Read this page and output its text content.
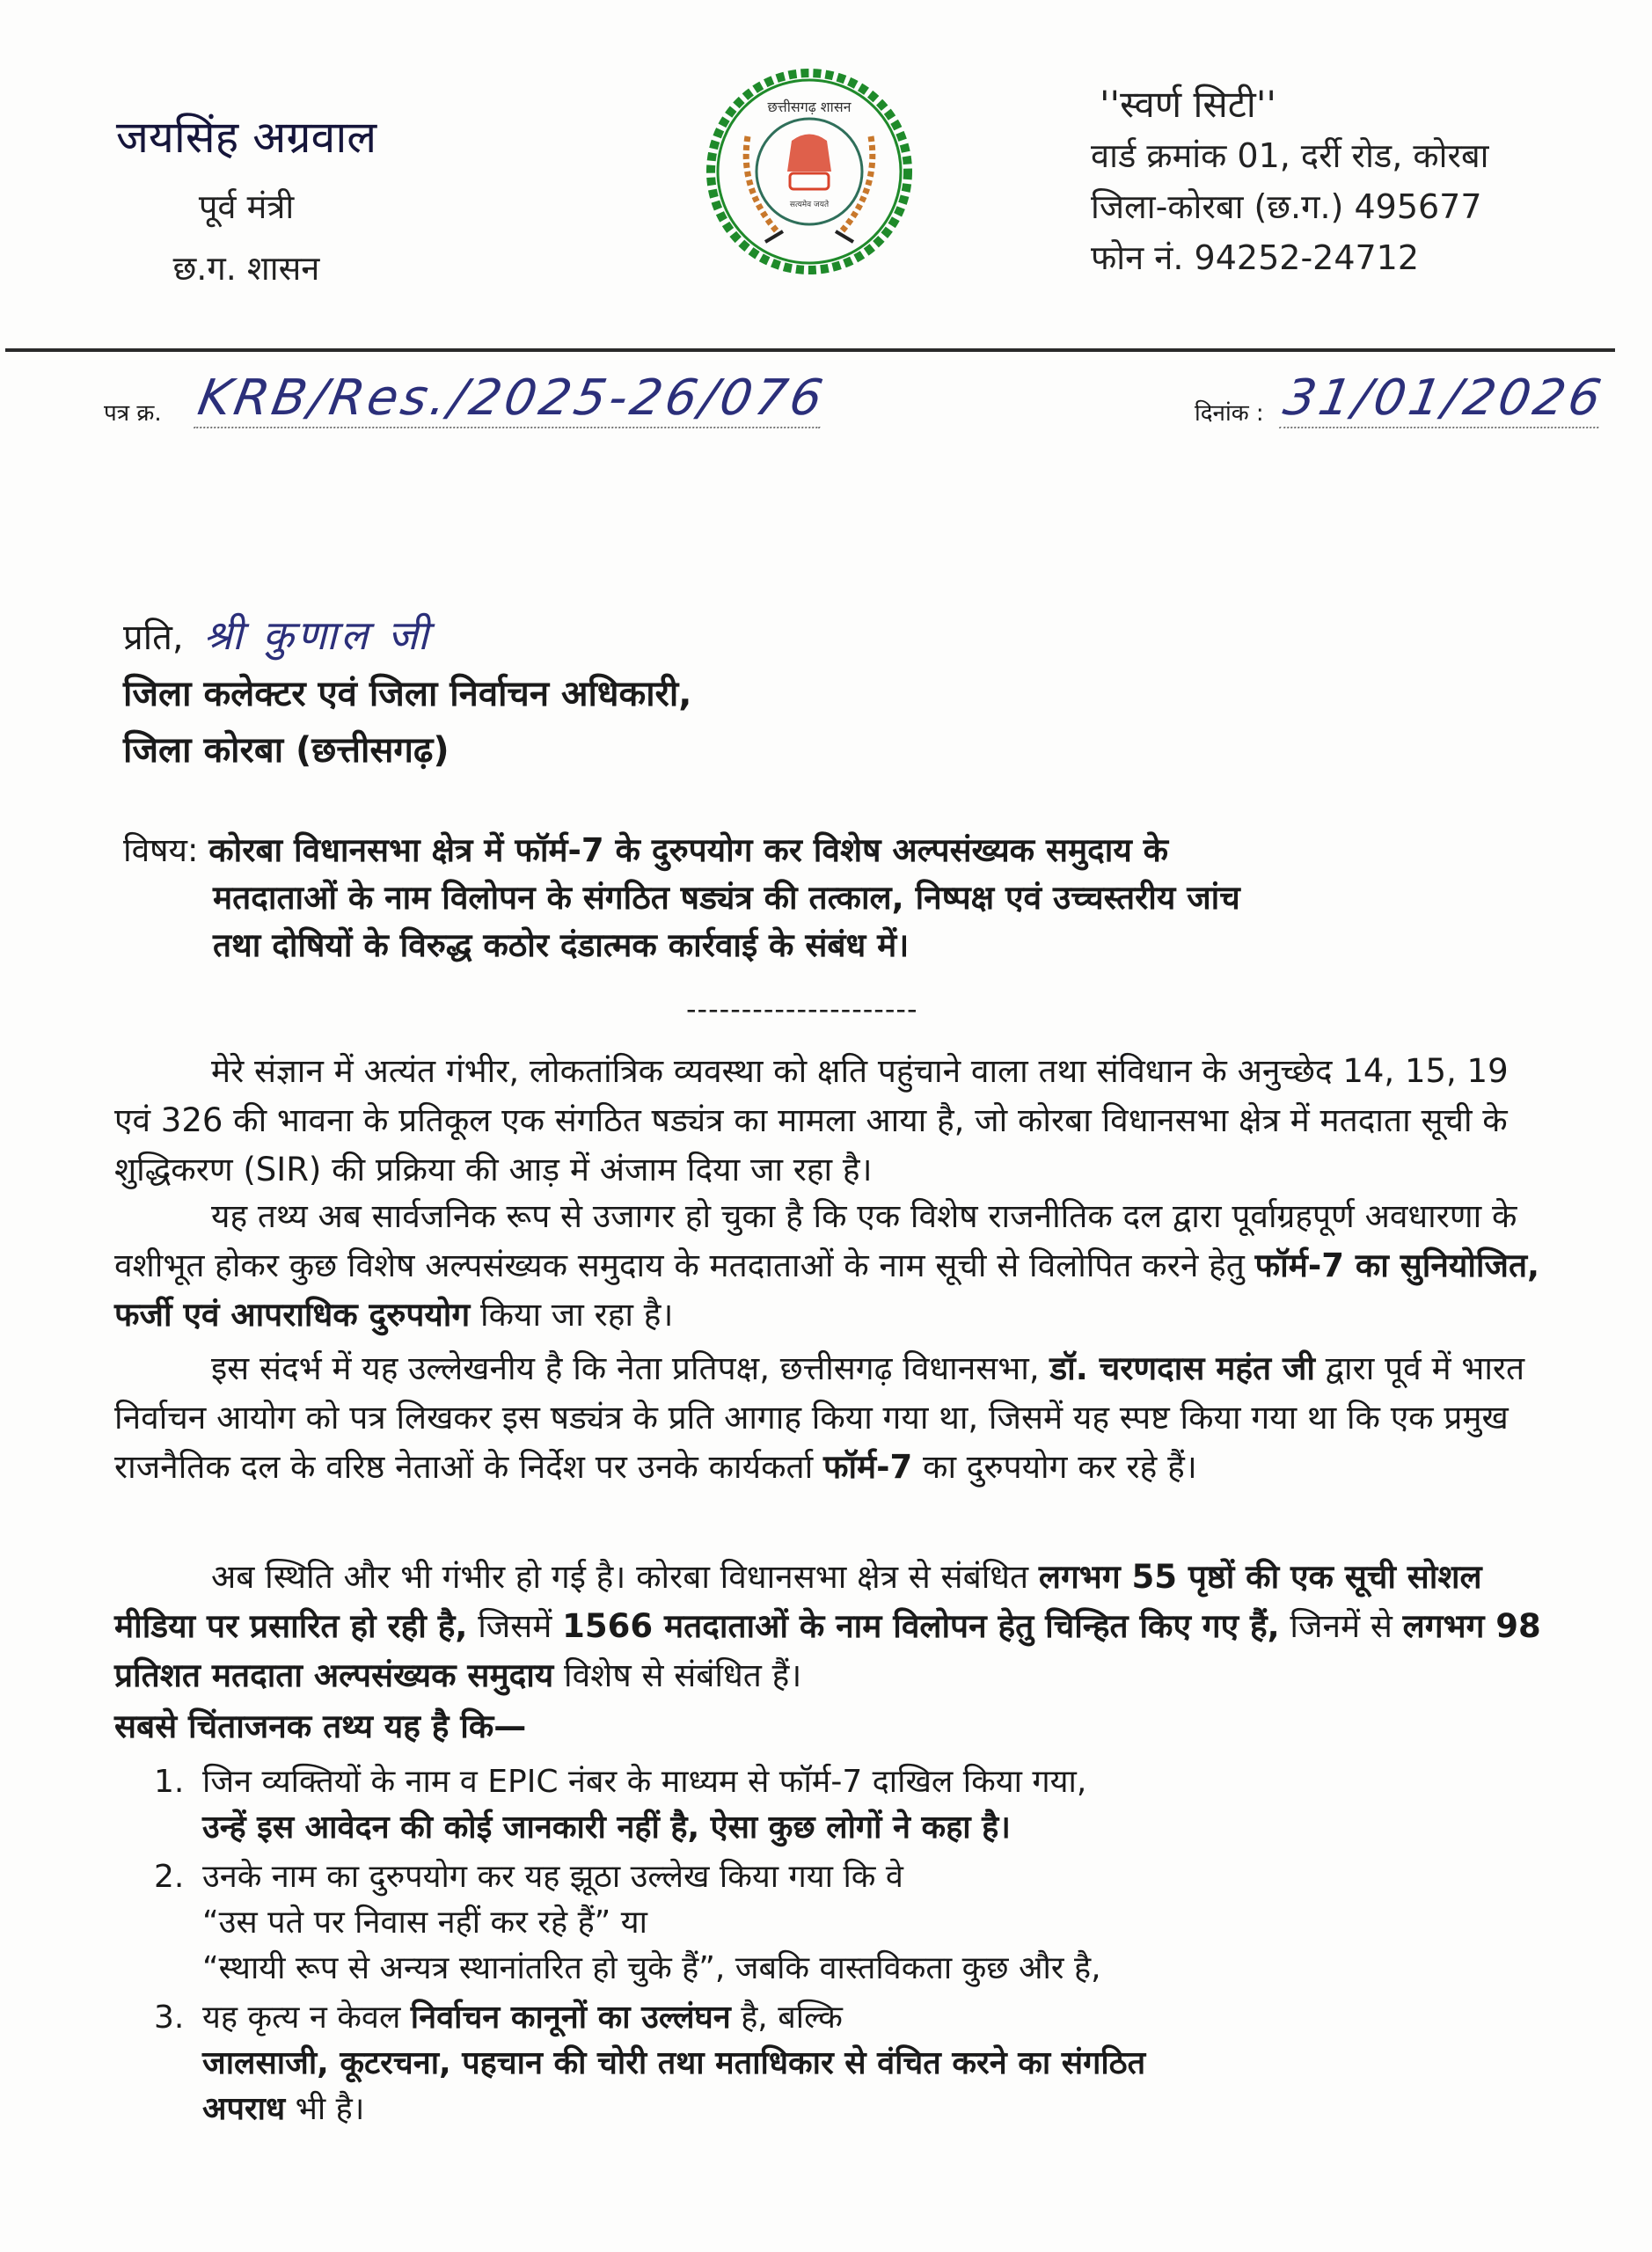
जयसिंह अग्रवाल
पूर्व मंत्री
छ.ग. शासन
छत्तीसगढ़ शासन
सत्यमेव जयते
''स्वर्ण सिटी''
वार्ड क्रमांक 01, दर्री रोड, कोरबा
जिला-कोरबा (छ.ग.) 495677
फोन नं. 94252-24712
पत्र क्र. KRB/Res./2025-26/076	दिनांक : 31/01/2026
प्रति, श्री कुणाल जी
जिला कलेक्टर एवं जिला निर्वाचन अधिकारी,
जिला कोरबा (छत्तीसगढ़)
विषय: कोरबा विधानसभा क्षेत्र में फॉर्म-7 के दुरुपयोग कर विशेष अल्पसंख्यक समुदाय के
मतदाताओं के नाम विलोपन के संगठित षड्यंत्र की तत्काल, निष्पक्ष एवं उच्चस्तरीय जांच
तथा दोषियों के विरुद्ध कठोर दंडात्मक कार्रवाई के संबंध में।
---------------------

मेरे संज्ञान में अत्यंत गंभीर, लोकतांत्रिक व्यवस्था को क्षति पहुंचाने वाला तथा संविधान के अनुच्छेद 14, 15, 19 एवं 326 की भावना के प्रतिकूल एक संगठित षड्यंत्र का मामला आया है, जो कोरबा विधानसभा क्षेत्र में मतदाता सूची के शुद्धिकरण (SIR) की प्रक्रिया की आड़ में अंजाम दिया जा रहा है।

यह तथ्य अब सार्वजनिक रूप से उजागर हो चुका है कि एक विशेष राजनीतिक दल द्वारा पूर्वाग्रहपूर्ण अवधारणा के वशीभूत होकर कुछ विशेष अल्पसंख्यक समुदाय के मतदाताओं के नाम सूची से विलोपित करने हेतु फॉर्म-7 का सुनियोजित, फर्जी एवं आपराधिक दुरुपयोग किया जा रहा है।

इस संदर्भ में यह उल्लेखनीय है कि नेता प्रतिपक्ष, छत्तीसगढ़ विधानसभा, डॉ. चरणदास महंत जी द्वारा पूर्व में भारत निर्वाचन आयोग को पत्र लिखकर इस षड्यंत्र के प्रति आगाह किया गया था, जिसमें यह स्पष्ट किया गया था कि एक प्रमुख राजनैतिक दल के वरिष्ठ नेताओं के निर्देश पर उनके कार्यकर्ता फॉर्म-7 का दुरुपयोग कर रहे हैं।

अब स्थिति और भी गंभीर हो गई है। कोरबा विधानसभा क्षेत्र से संबंधित लगभग 55 पृष्ठों की एक सूची सोशल मीडिया पर प्रसारित हो रही है, जिसमें 1566 मतदाताओं के नाम विलोपन हेतु चिन्हित किए गए हैं, जिनमें से लगभग 98 प्रतिशत मतदाता अल्पसंख्यक समुदाय विशेष से संबंधित हैं।

सबसे चिंताजनक तथ्य यह है कि—

1. जिन व्यक्तियों के नाम व EPIC नंबर के माध्यम से फॉर्म-7 दाखिल किया गया,
उन्हें इस आवेदन की कोई जानकारी नहीं है, ऐसा कुछ लोगों ने कहा है।
2. उनके नाम का दुरुपयोग कर यह झूठा उल्लेख किया गया कि वे
“उस पते पर निवास नहीं कर रहे हैं” या
“स्थायी रूप से अन्यत्र स्थानांतरित हो चुके हैं”, जबकि वास्तविकता कुछ और है,
3. यह कृत्य न केवल निर्वाचन कानूनों का उल्लंघन है, बल्कि
जालसाजी, कूटरचना, पहचान की चोरी तथा मताधिकार से वंचित करने का संगठित
अपराध भी है।
